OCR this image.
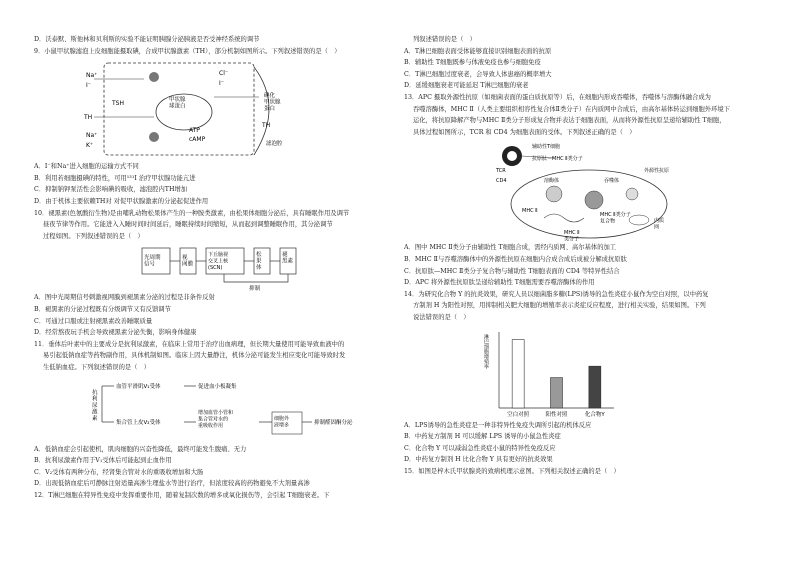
D．沃泰默、斯他林和贝利斯的实验不能证明胰腺分泌胰液是否受神经系统的调节
9．小鼠甲状腺滤泡上皮细胞能摄取碘，合成甲状腺激素（TH），部分机制如图所示。下列叙述错误的是（　）
Na⁺
I⁻
Cl⁻
I⁻
TSH	甲状腺球蛋白
TH
ATP
cAMP
Na⁺
K⁺
TH
碘化甲状腺蛋白
滤泡腔
A．I⁻和Na⁺进入细胞的运输方式不同
B．利用若细胞摄碘的特性，可用¹³¹I 治疗甲状腺功能亢进
C．抑制钠钾泵活性会影响碘的吸收，滤泡腔内TH增加
D．由于机体主要依赖TH对 对促甲状腺激素的分泌起促进作用
10．褪黑素(色氨酸衍生物)是由哺乳动物松果体产生的一种胺类激素，由松果体细胞分泌后，具有睡眠作用及调节
昼夜节律等作用。它能进入入睡时间时间延后，睡眠持续时间缩短，从而起到调整睡眠作用，其分泌调节
过程如图。下列叙述错误的是（　）
光周期信号
视网膜
下丘脑视交叉上核(SCN)
松果体
褪黑素
抑制
A．图中光周期信号刺激视网膜到褪黑素分泌的过程是非条件反射
B．褪黑素的分泌过程既有分级调节又有反馈调节
C．可通过口服或注射褪黑素改善睡眠质量
D．经常熬夜玩手机会导致褪黑素分泌失衡，影响身体健康
11．垂体后叶素中的主要成分是抗利尿激素，在临床上常用于治疗出血病理，但长期大量使用可能导致血液中的
易引起低钠血症等药物副作用，具体机制如图。临床上因大量静注，机体分泌可能发生相应变化可能导致时发
生低钠血症。下列叙述错误的是（　）
抗利尿激素
血管平滑肌V₁受体	促进血小板凝集
集合管上皮V₂受体
增加血管小管和集合管对水的重吸收作用
细胞外液增多	抑制醛固酮分泌
A．低钠血症会引起使机，肌肉细胞的兴奋性降低，最终可能发生腹痛、无力
B．抗利尿激素作用于V₁受体后可能起到止血作用
C．V₂受体有两种分布，经肾集合管对水的重吸收增加和大肠
D．出现低钠血症后可静脉注射适量高渗生理盐水等进行治疗，但浓度较高的药物避免不大剂量高渗
12．T淋巴细胞在特异性免疫中发挥重要作用，随着复制次数的增多或氧化损伤等，会引起 T细胞衰老。下
列叙述错误的是（　）
A．T淋巴细胞表面受体能够直接识别细胞表面的抗原
B．辅助性 T细胞既参与体液免疫也参与细胞免疫
C．T淋巴细胞过度衰老，会导致人体患癌的概率增大
D．延缓细胞衰老可能延迟 T淋巴细胞的衰老
13．APC 摄取外源性抗原（如细菌表面的蛋白质抗原等）后，在细胞内形成吞噬体，吞噬体与溶酶体融合成为
吞噬溶酶体，MHC Ⅱ（人类主要组织相容性复合体Ⅱ类分子）在内质网中合成后，由高尔基体转运到细胞外环境下
运化，将抗原降解产物与MHC Ⅱ类分子形成复合物并表达于细胞表面，从而将外源性抗原呈递给辅助性 T细胞，
具体过程如图所示，TCR 和 CD4 为细胞表面的受体。下列叙述正确的是（　）
辅助性T细胞
抗原肽－MHC Ⅱ类分子
TCR
CD4	溶酶体	吞噬体
外源性抗原
MHC Ⅱ
MHC Ⅱ 类分子
内质网
MHC Ⅱ类分子复合物
A．图中 MHC Ⅱ类分子由辅助性 T细胞合成，需经内质网、高尔基体的加工
B．MHC Ⅱ与吞噬溶酶体中的外源性抗原在细胞内合成合成后成被分解成抗原肽
C．抗原肽—MHC Ⅱ类分子复合物与辅助性 T细胞表面的 CD4 等特异性结合
D．APC 将外源性抗原肽呈递给辅助性 T细胞需要吞噬溶酶体的作用
14．为研究化合物 Y 的抗炎效果，研究人员以细菌脂多糖(LPS)诱导的急性炎症小鼠作为空白对照，以中药复
方制剂 H 为阳性对照，用抑制相关肥大细胞的增殖率表示炎症反应程度，进行相关实验，结果如图。下列
说法错误的是（　）
淋巴细胞增殖率
空白对照	阳性对照	化合物Y
A．LPS诱导的急性炎症是一种非特异性免疫失调所引起的机体反应
B．中药复方制剂 H 可以缓解 LPS 诱导的小鼠急性炎症
C．化合物 Y 可以减弱急性炎症小鼠的特异性免疫反应
D．中药复方制剂 H 比化合物 Y 具有更好的抗炎效果
15．如图是梓木氏甲状腺炎的致病机理示意图。下列相关叙述正确的是（　）
